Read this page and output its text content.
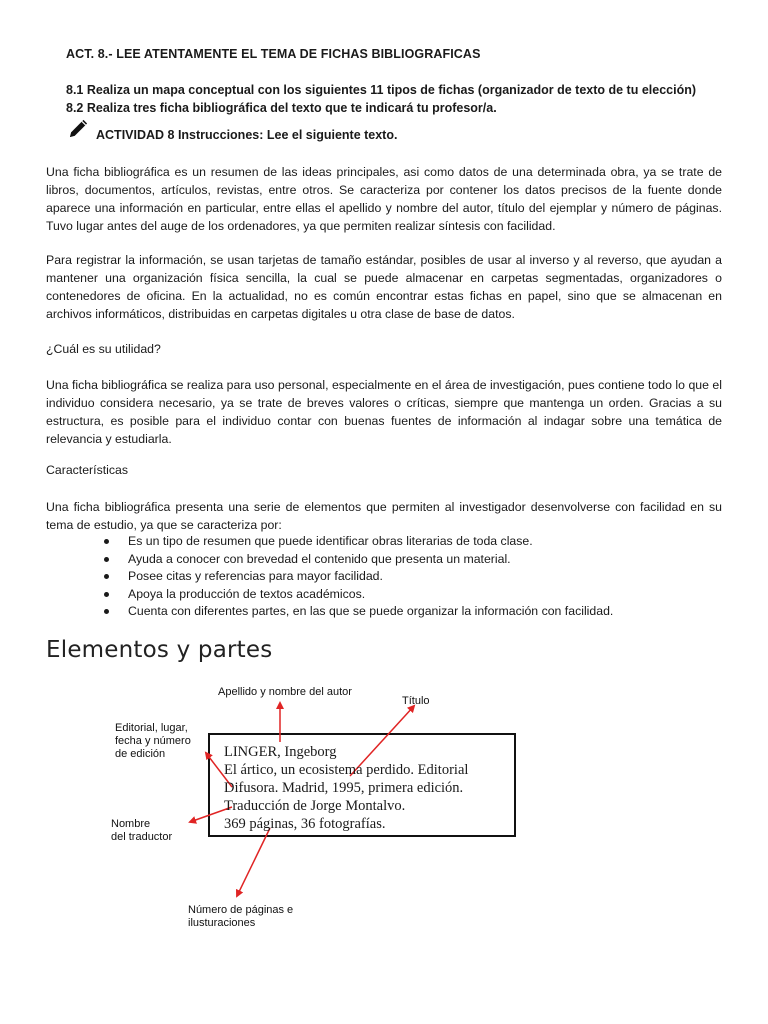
ACT. 8.- LEE ATENTAMENTE EL TEMA DE FICHAS BIBLIOGRAFICAS
8.1 Realiza un mapa conceptual con los siguientes 11 tipos de fichas (organizador de texto de tu elección)
8.2 Realiza tres ficha bibliográfica del texto que te indicará tu profesor/a.
ACTIVIDAD 8 Instrucciones: Lee el siguiente texto.

Una ficha bibliográfica es un resumen de las ideas principales, asi como datos de una determinada obra, ya se trate de libros, documentos, artículos, revistas, entre otros. Se caracteriza por contener los datos precisos de la fuente donde aparece una información en particular, entre ellas el apellido y nombre del autor, título del ejemplar y número de páginas. Tuvo lugar antes del auge de los ordenadores, ya que permiten realizar síntesis con facilidad.

Para registrar la información, se usan tarjetas de tamaño estándar, posibles de usar al inverso y al reverso, que ayudan a mantener una organización física sencilla, la cual se puede almacenar en carpetas segmentadas, organizadores o contenedores de oficina. En la actualidad, no es común encontrar estas fichas en papel, sino que se almacenan en archivos informáticos, distribuidas en carpetas digitales u otra clase de base de datos.

¿Cuál es su utilidad?

Una ficha bibliográfica se realiza para uso personal, especialmente en el área de investigación, pues contiene todo lo que el individuo considera necesario, ya se trate de breves valores o críticas, siempre que mantenga un orden. Gracias a su estructura, es posible para el individuo contar con buenas fuentes de información al indagar sobre una temática de relevancia y estudiarla.

Características

Una ficha bibliográfica presenta una serie de elementos que permiten al investigador desenvolverse con facilidad en su tema de estudio, ya que se caracteriza por:

Es un tipo de resumen que puede identificar obras literarias de toda clase.
Ayuda a conocer con brevedad el contenido que presenta un material.
Posee citas y referencias para mayor facilidad.
Apoya la producción de textos académicos.
Cuenta con diferentes partes, en las que se puede organizar la información con facilidad.
Elementos y partes
Apellido y nombre del autor
Título
Editorial, lugar,
fecha y número
de edición
Nombre
del traductor
Número de páginas e
ilusturaciones
LINGER, Ingeborg
El ártico, un ecosistema perdido. Editorial
Difusora. Madrid, 1995, primera edición.
Traducción de Jorge Montalvo.
369 páginas, 36 fotografías.
